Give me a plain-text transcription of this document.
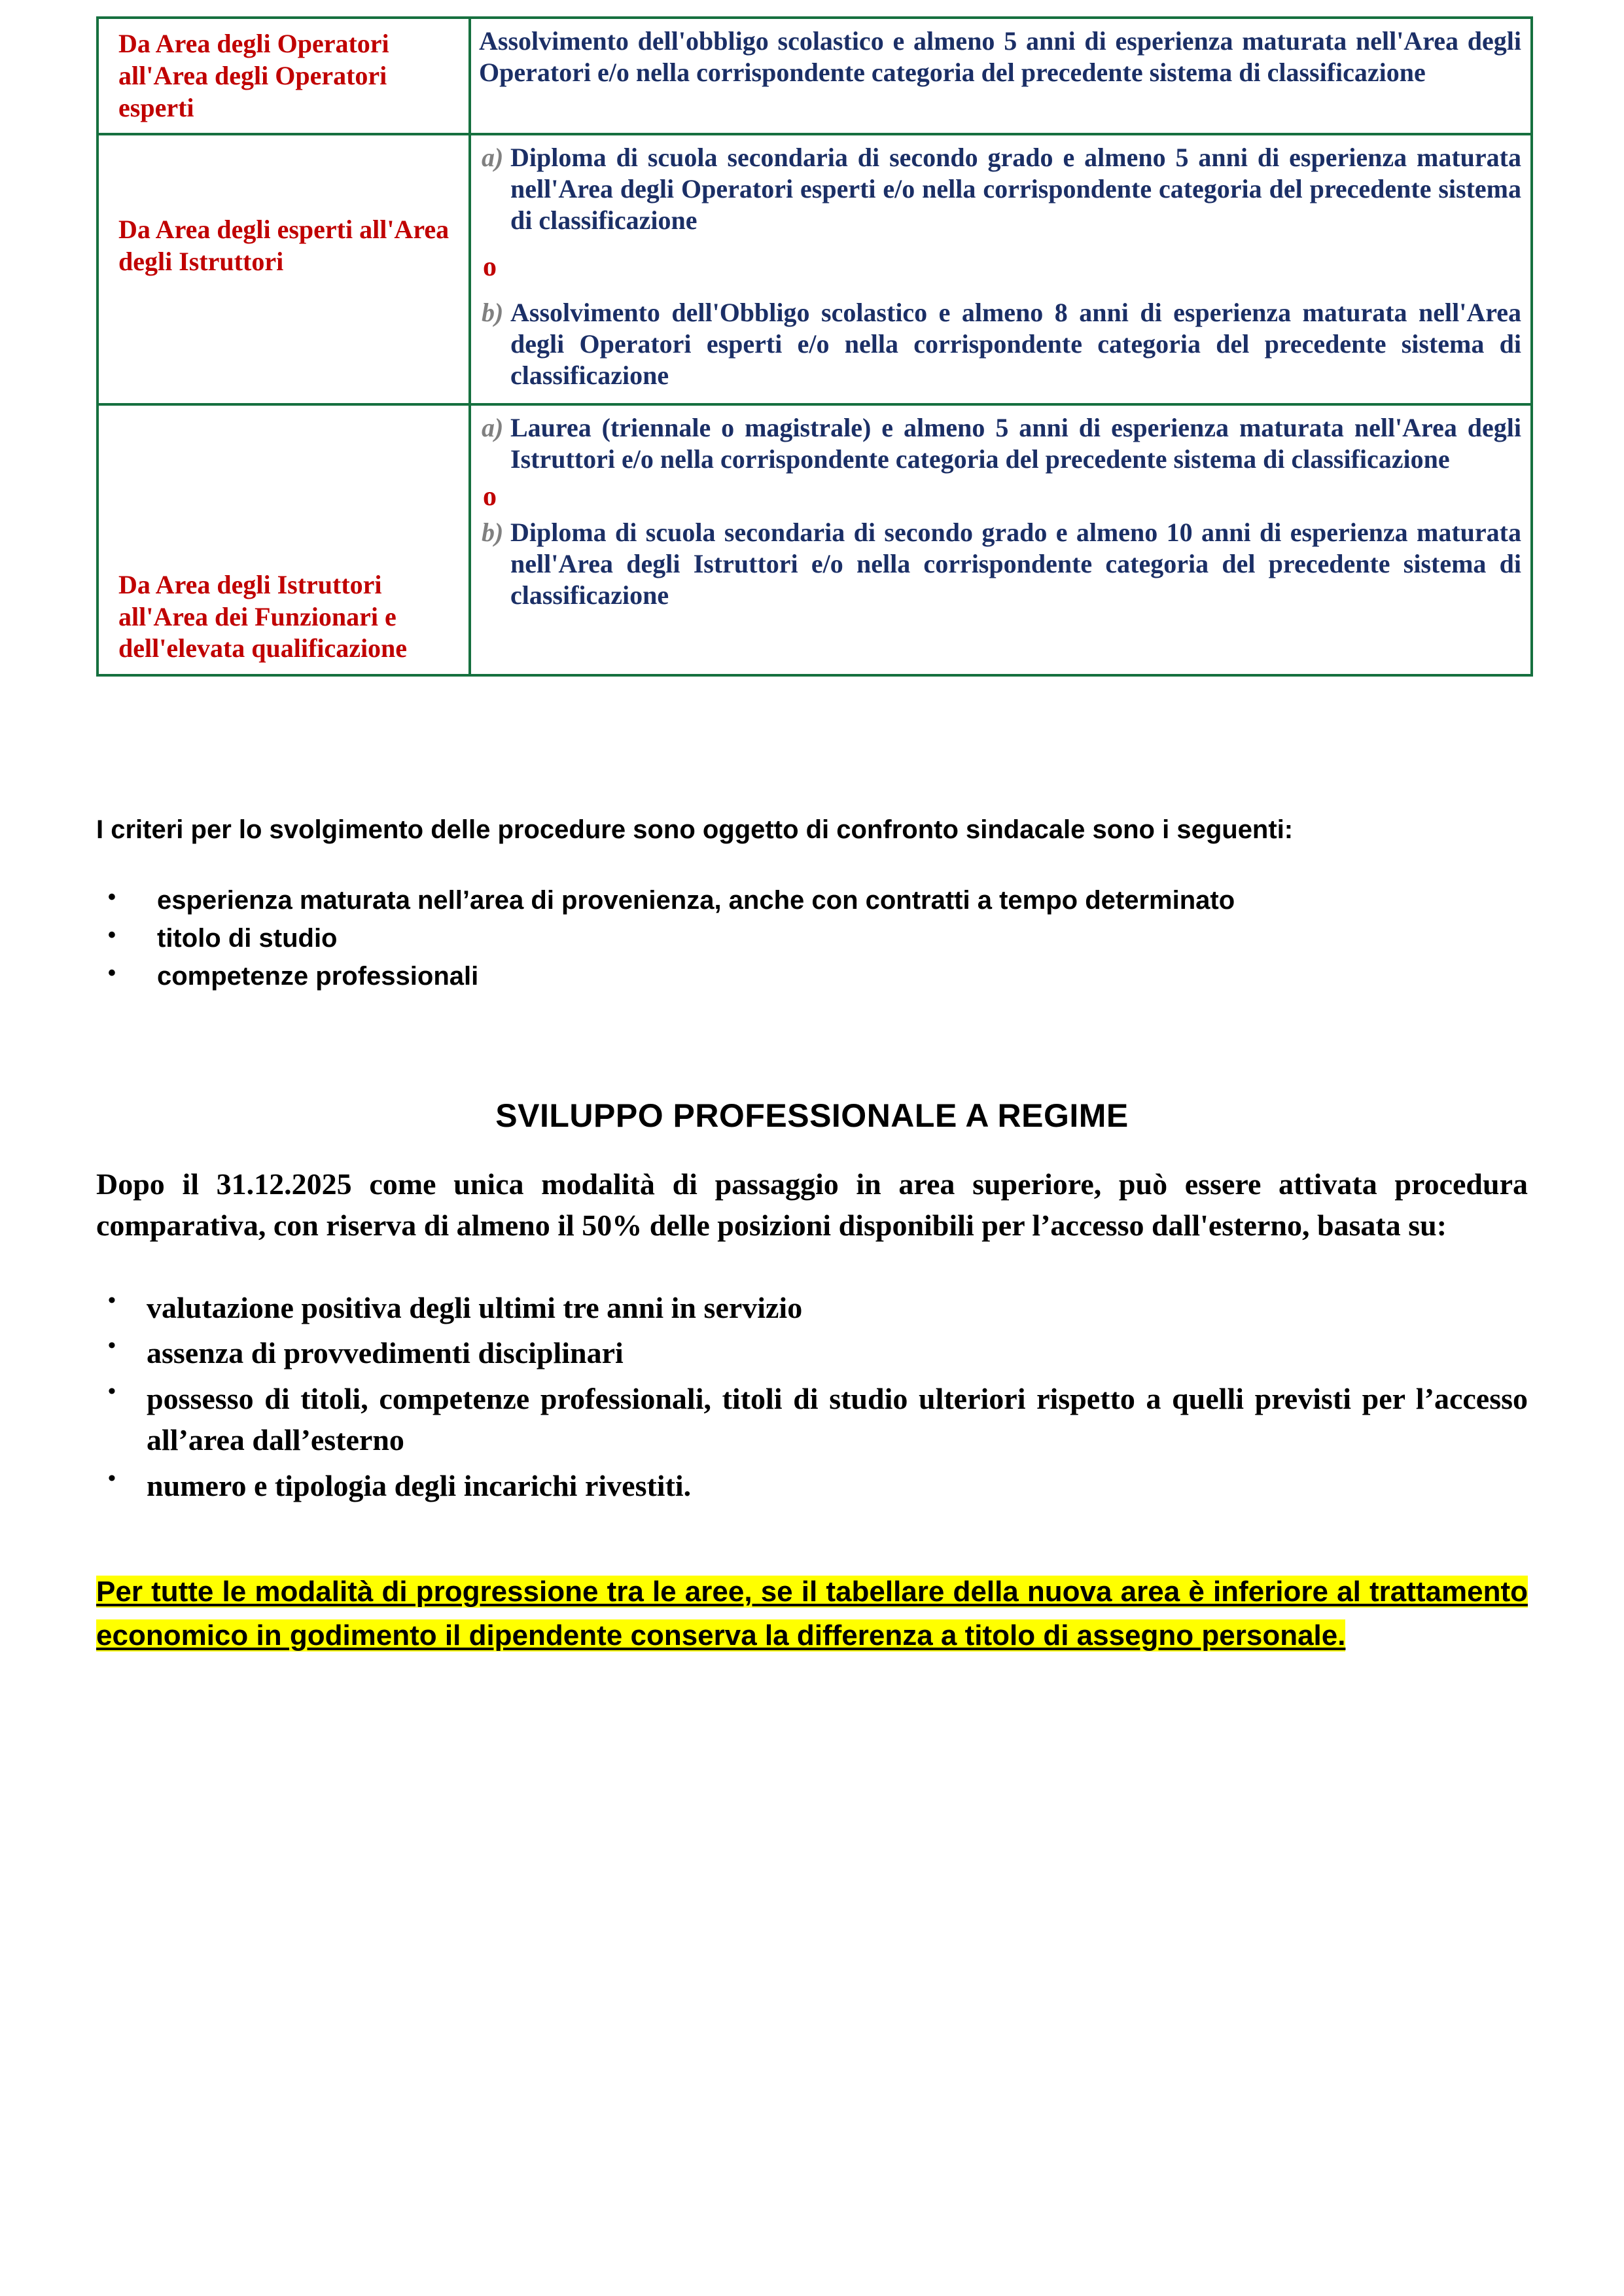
Da Area degli Operatori all'Area degli Operatori esperti	Assolvimento dell'obbligo scolastico e almeno 5 anni di esperienza maturata nell'Area degli Operatori e/o nella corrispondente categoria del precedente sistema di classificazione

Da Area degli esperti all'Area degli Istruttori	a) Diploma di scuola secondaria di secondo grado e almeno 5 anni di esperienza maturata nell'Area degli Operatori esperti e/o nella corrispondente categoria del precedente sistema di classificazione
o
b) Assolvimento dell'Obbligo scolastico e almeno 8 anni di esperienza maturata nell'Area degli Operatori esperti e/o nella corrispondente categoria del precedente sistema di classificazione

Da Area degli Istruttori all'Area dei Funzionari e dell'elevata qualificazione	a) Laurea (triennale o magistrale) e almeno 5 anni di esperienza maturata nell'Area degli Istruttori e/o nella corrispondente categoria del precedente sistema di classificazione
o
b) Diploma di scuola secondaria di secondo grado e almeno 10 anni di esperienza maturata nell'Area degli Istruttori e/o nella corrispondente categoria del precedente sistema di classificazione
I criteri per lo svolgimento delle procedure sono oggetto di confronto sindacale sono i seguenti:
• esperienza maturata nell’area di provenienza, anche con contratti a tempo determinato
• titolo di studio
• competenze professionali
SVILUPPO PROFESSIONALE A REGIME

Dopo il 31.12.2025 come unica modalità di passaggio in area superiore, può essere attivata procedura comparativa, con riserva di almeno il 50% delle posizioni disponibili per l’accesso dall'esterno, basata su:

• valutazione positiva degli ultimi tre anni in servizio
• assenza di provvedimenti disciplinari
• possesso di titoli, competenze professionali, titoli di studio ulteriori rispetto a quelli previsti per l’accesso all’area dall’esterno
• numero e tipologia degli incarichi rivestiti.
Per tutte le modalità di progressione tra le aree, se il tabellare della nuova area è inferiore al trattamento economico in godimento il dipendente conserva la differenza a titolo di assegno personale.
